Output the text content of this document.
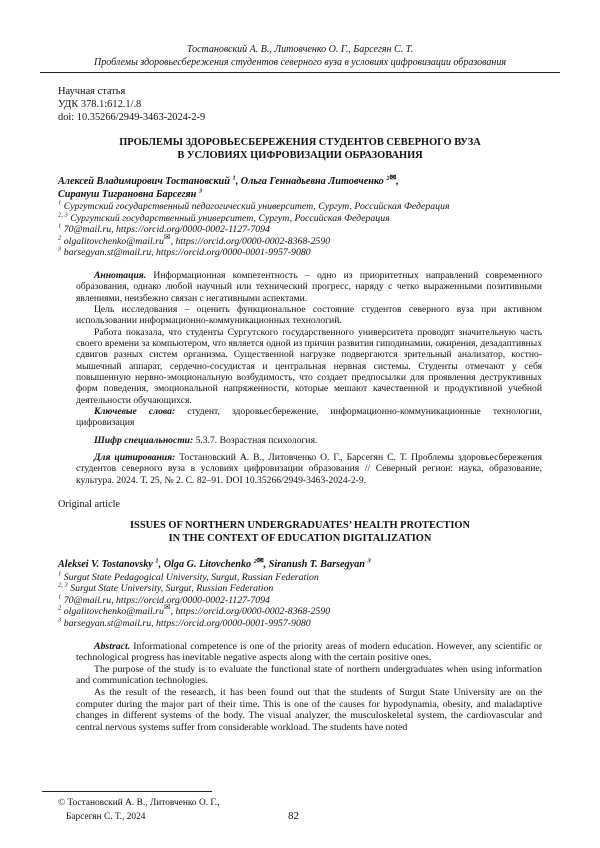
Тостановский А. В., Литовченко О. Г., Барсегян С. Т.
Проблемы здоровьесбережения студентов северного вуза в условиях цифровизации образования
Научная статья
УДК 378.1:612.1/.8
doi: 10.35266/2949-3463-2024-2-9
ПРОБЛЕМЫ ЗДОРОВЬЕСБЕРЕЖЕНИЯ СТУДЕНТОВ СЕВЕРНОГО ВУЗА
В УСЛОВИЯХ ЦИФРОВИЗАЦИИ ОБРАЗОВАНИЯ
Алексей Владимирович Тостановский $^1$, Ольга Геннадьевна Литовченко $^{2✉}$,
Сирануш Тиграновна Барсегян $^3$
$^1$ Сургутский государственный педагогический университет, Сургут, Российская Федерация
$^{2, 3}$ Сургутский государственный университет, Сургут, Российская Федерация
$^1$ 70@mail.ru, https://orcid.org/0000-0002-1127-7094
$^2$ olgalitovchenko@mail.ru✉, https://orcid.org/0000-0002-8368-2590
$^3$ barsegyan.st@mail.ru, https://orcid.org/0000-0001-9957-9080

Аннотация. Информационная компетентность – одно из приоритетных направлений современного образования, однако любой научный или технический прогресс, наряду с четко выраженными позитивными явлениями, неизбежно связан с негативными аспектами.

Цель исследования – оценить функциональное состояние студентов северного вуза при активном использовании информационно-коммуникационных технологий.

Работа показала, что студенты Сургутского государственного университета проводят значительную часть своего времени за компьютером, что является одной из причин развития гиподинамии, ожирения, дезадаптивных сдвигов разных систем организма. Существенной нагрузке подвергаются зрительный анализатор, костно-мышечный аппарат, сердечно-сосудистая и центральная нервная системы. Студенты отмечают у себя повышенную нервно-эмоциональную возбудимость, что создает предпосылки для проявления деструктивных форм поведения, эмоциональной напряженности, которые мешают качественной и продуктивной учебной деятельности обучающихся.

Ключевые слова: студент, здоровьесбережение, информационно-коммуникационные технологии, цифровизация

Шифр специальности: 5.3.7. Возрастная психология.

Для цитирования: Тостановский А. В., Литовченко О. Г., Барсегян С. Т. Проблемы здоровьесбережения студентов северного вуза в условиях цифровизации образования // Северный регион: наука, образование, культура. 2024. Т. 25, № 2. С. 82–91. DOI 10.35266/2949-3463-2024-2-9.

Original article
ISSUES OF NORTHERN UNDERGRADUATES’ HEALTH PROTECTION
IN THE CONTEXT OF EDUCATION DIGITALIZATION
Aleksei V. Tostanovsky $^1$, Olga G. Litovchenko $^{2✉}$, Siranush T. Barsegyan $^3$
$^1$ Surgut State Pedagogical University, Surgut, Russian Federation
$^{2, 3}$ Surgut State University, Surgut, Russian Federation
$^1$ 70@mail.ru, https://orcid.org/0000-0002-1127-7094
$^2$ olgalitovchenko@mail.ru✉, https://orcid.org/0000-0002-8368-2590
$^3$ barsegyan.st@mail.ru, https://orcid.org/0000-0001-9957-9080

Abstract. Informational competence is one of the priority areas of modern education. However, any scientific or technological progress has inevitable negative aspects along with the certain positive ones.

The purpose of the study is to evaluate the functional state of northern undergraduates when using information and communication technologies.

As the result of the research, it has been found out that the students of Surgut State University are on the computer during the major part of their time. This is one of the causes for hypodynamia, obesity, and maladaptive changes in different systems of the body. The visual analyzer, the musculoskeletal system, the cardiovascular and central nervous systems suffer from considerable workload. The students have noted

© Тостановский А. В., Литовченко О. Г.,
Барсегян С. Т., 2024	82
